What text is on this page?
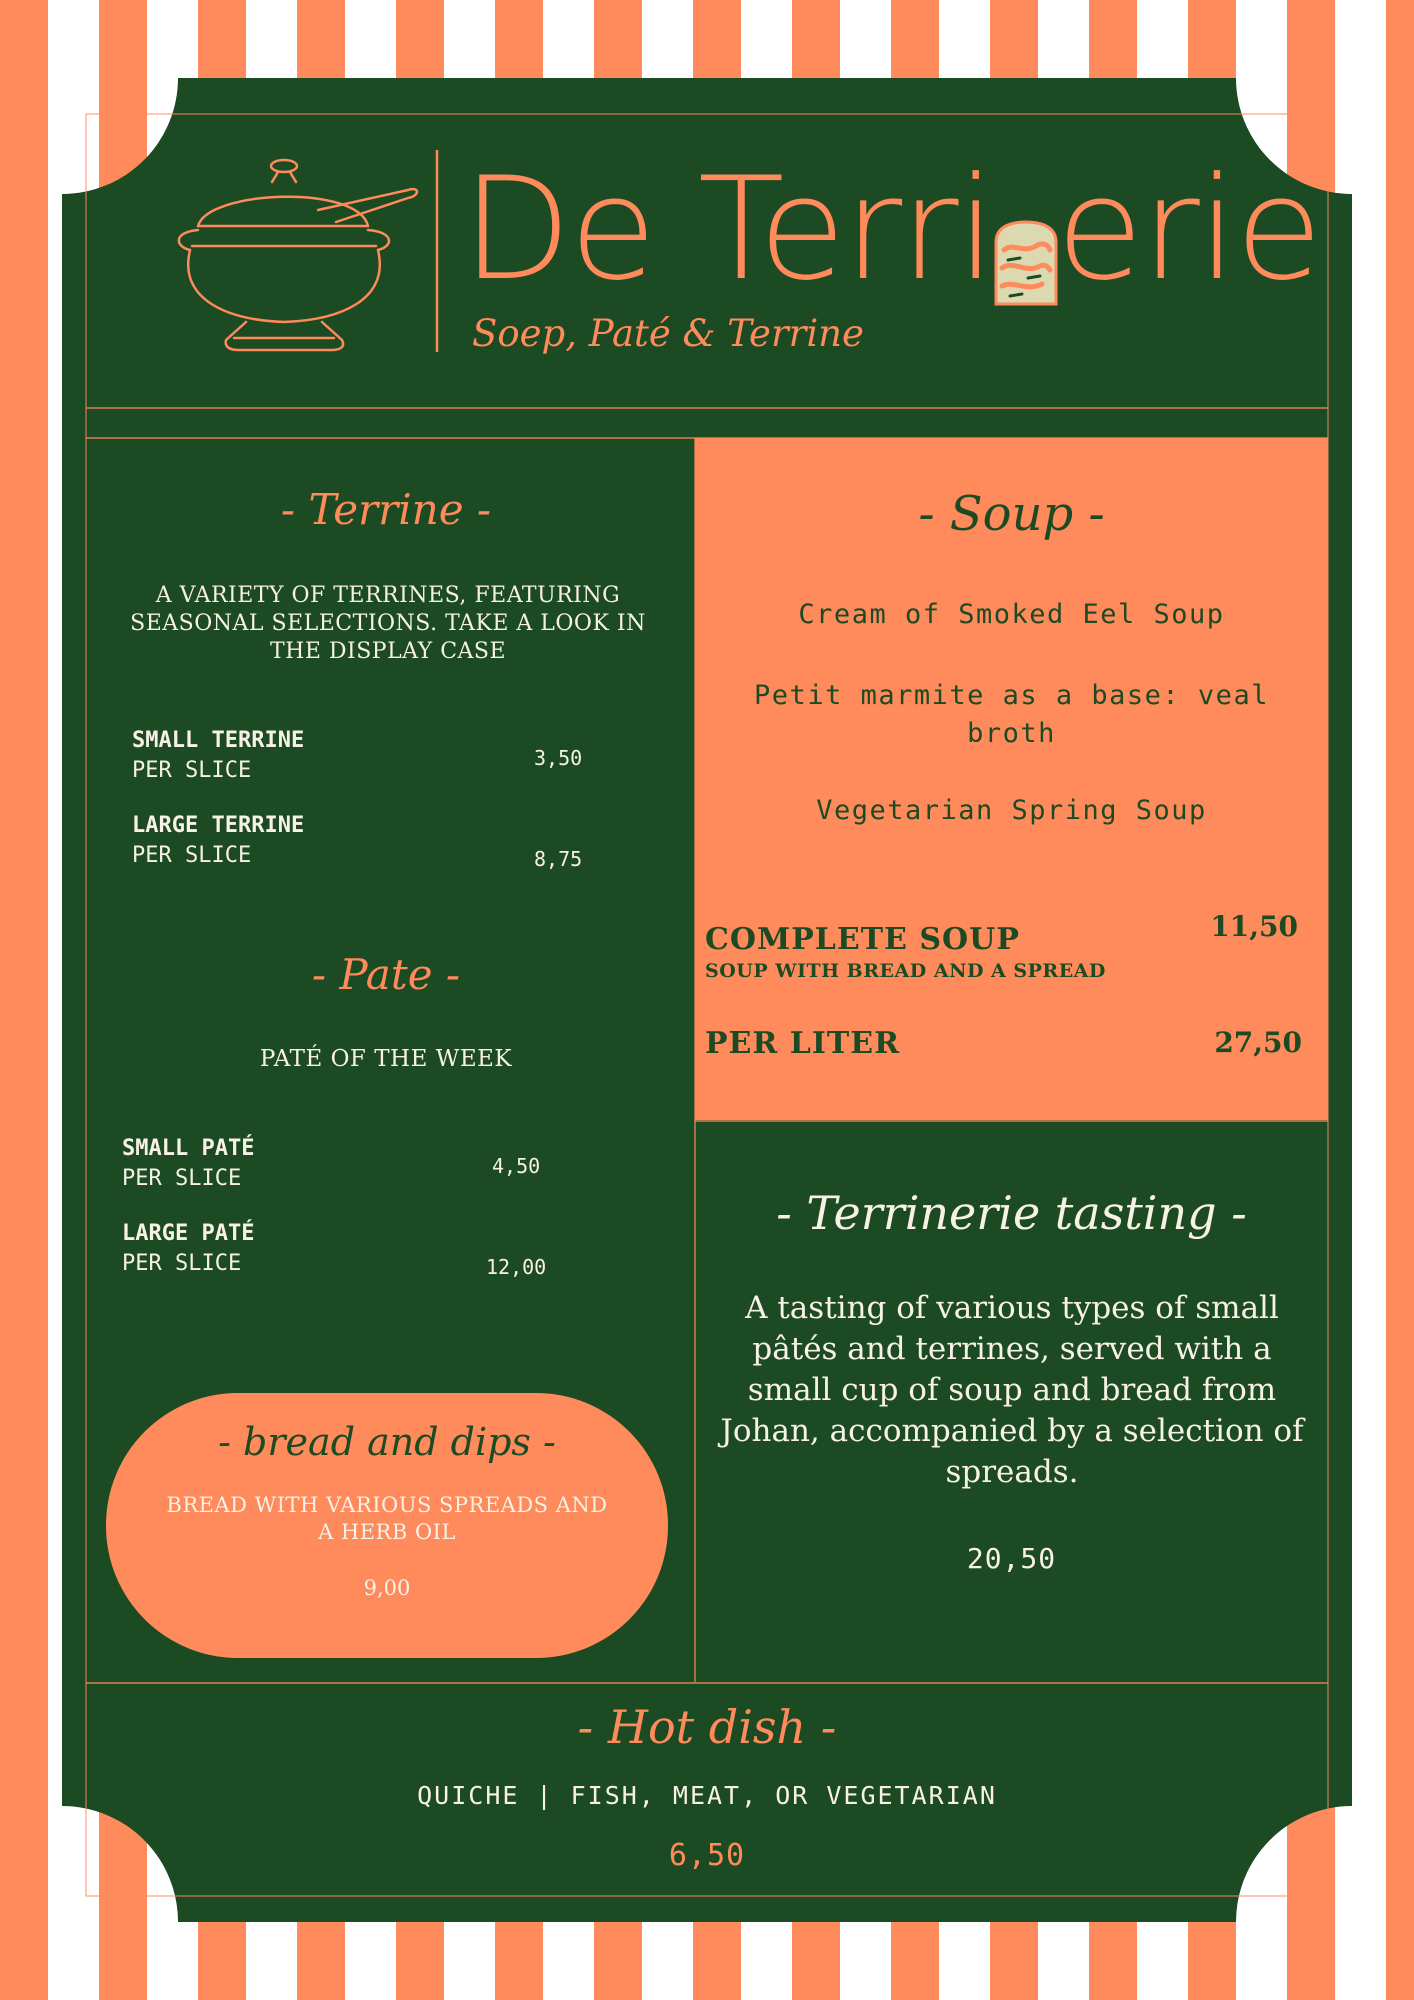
De Terri erie
Soep, Paté & Terrine
- Terrine -
A VARIETY OF TERRINES, FEATURING SEASONAL SELECTIONS. TAKE A LOOK IN THE DISPLAY CASE
SMALL TERRINE
PER SLICE	3,50
LARGE TERRINE
PER SLICE	8,75
- Pate -
PATÉ OF THE WEEK
SMALL PATÉ
PER SLICE	4,50
LARGE PATÉ
PER SLICE	12,00
- bread and dips -
BREAD WITH VARIOUS SPREADS AND A HERB OIL
9,00
- Soup -
Cream of Smoked Eel Soup
Petit marmite as a base: veal broth
Vegetarian Spring Soup
COMPLETE SOUP
SOUP WITH BREAD AND A SPREAD
11,50
PER LITER	27,50
- Terrinerie tasting -
A tasting of various types of small pâtés and terrines, served with a small cup of soup and bread from Johan, accompanied by a selection of spreads.
20,50
- Hot dish -
QUICHE | FISH, MEAT, OR VEGETARIAN
6,50
